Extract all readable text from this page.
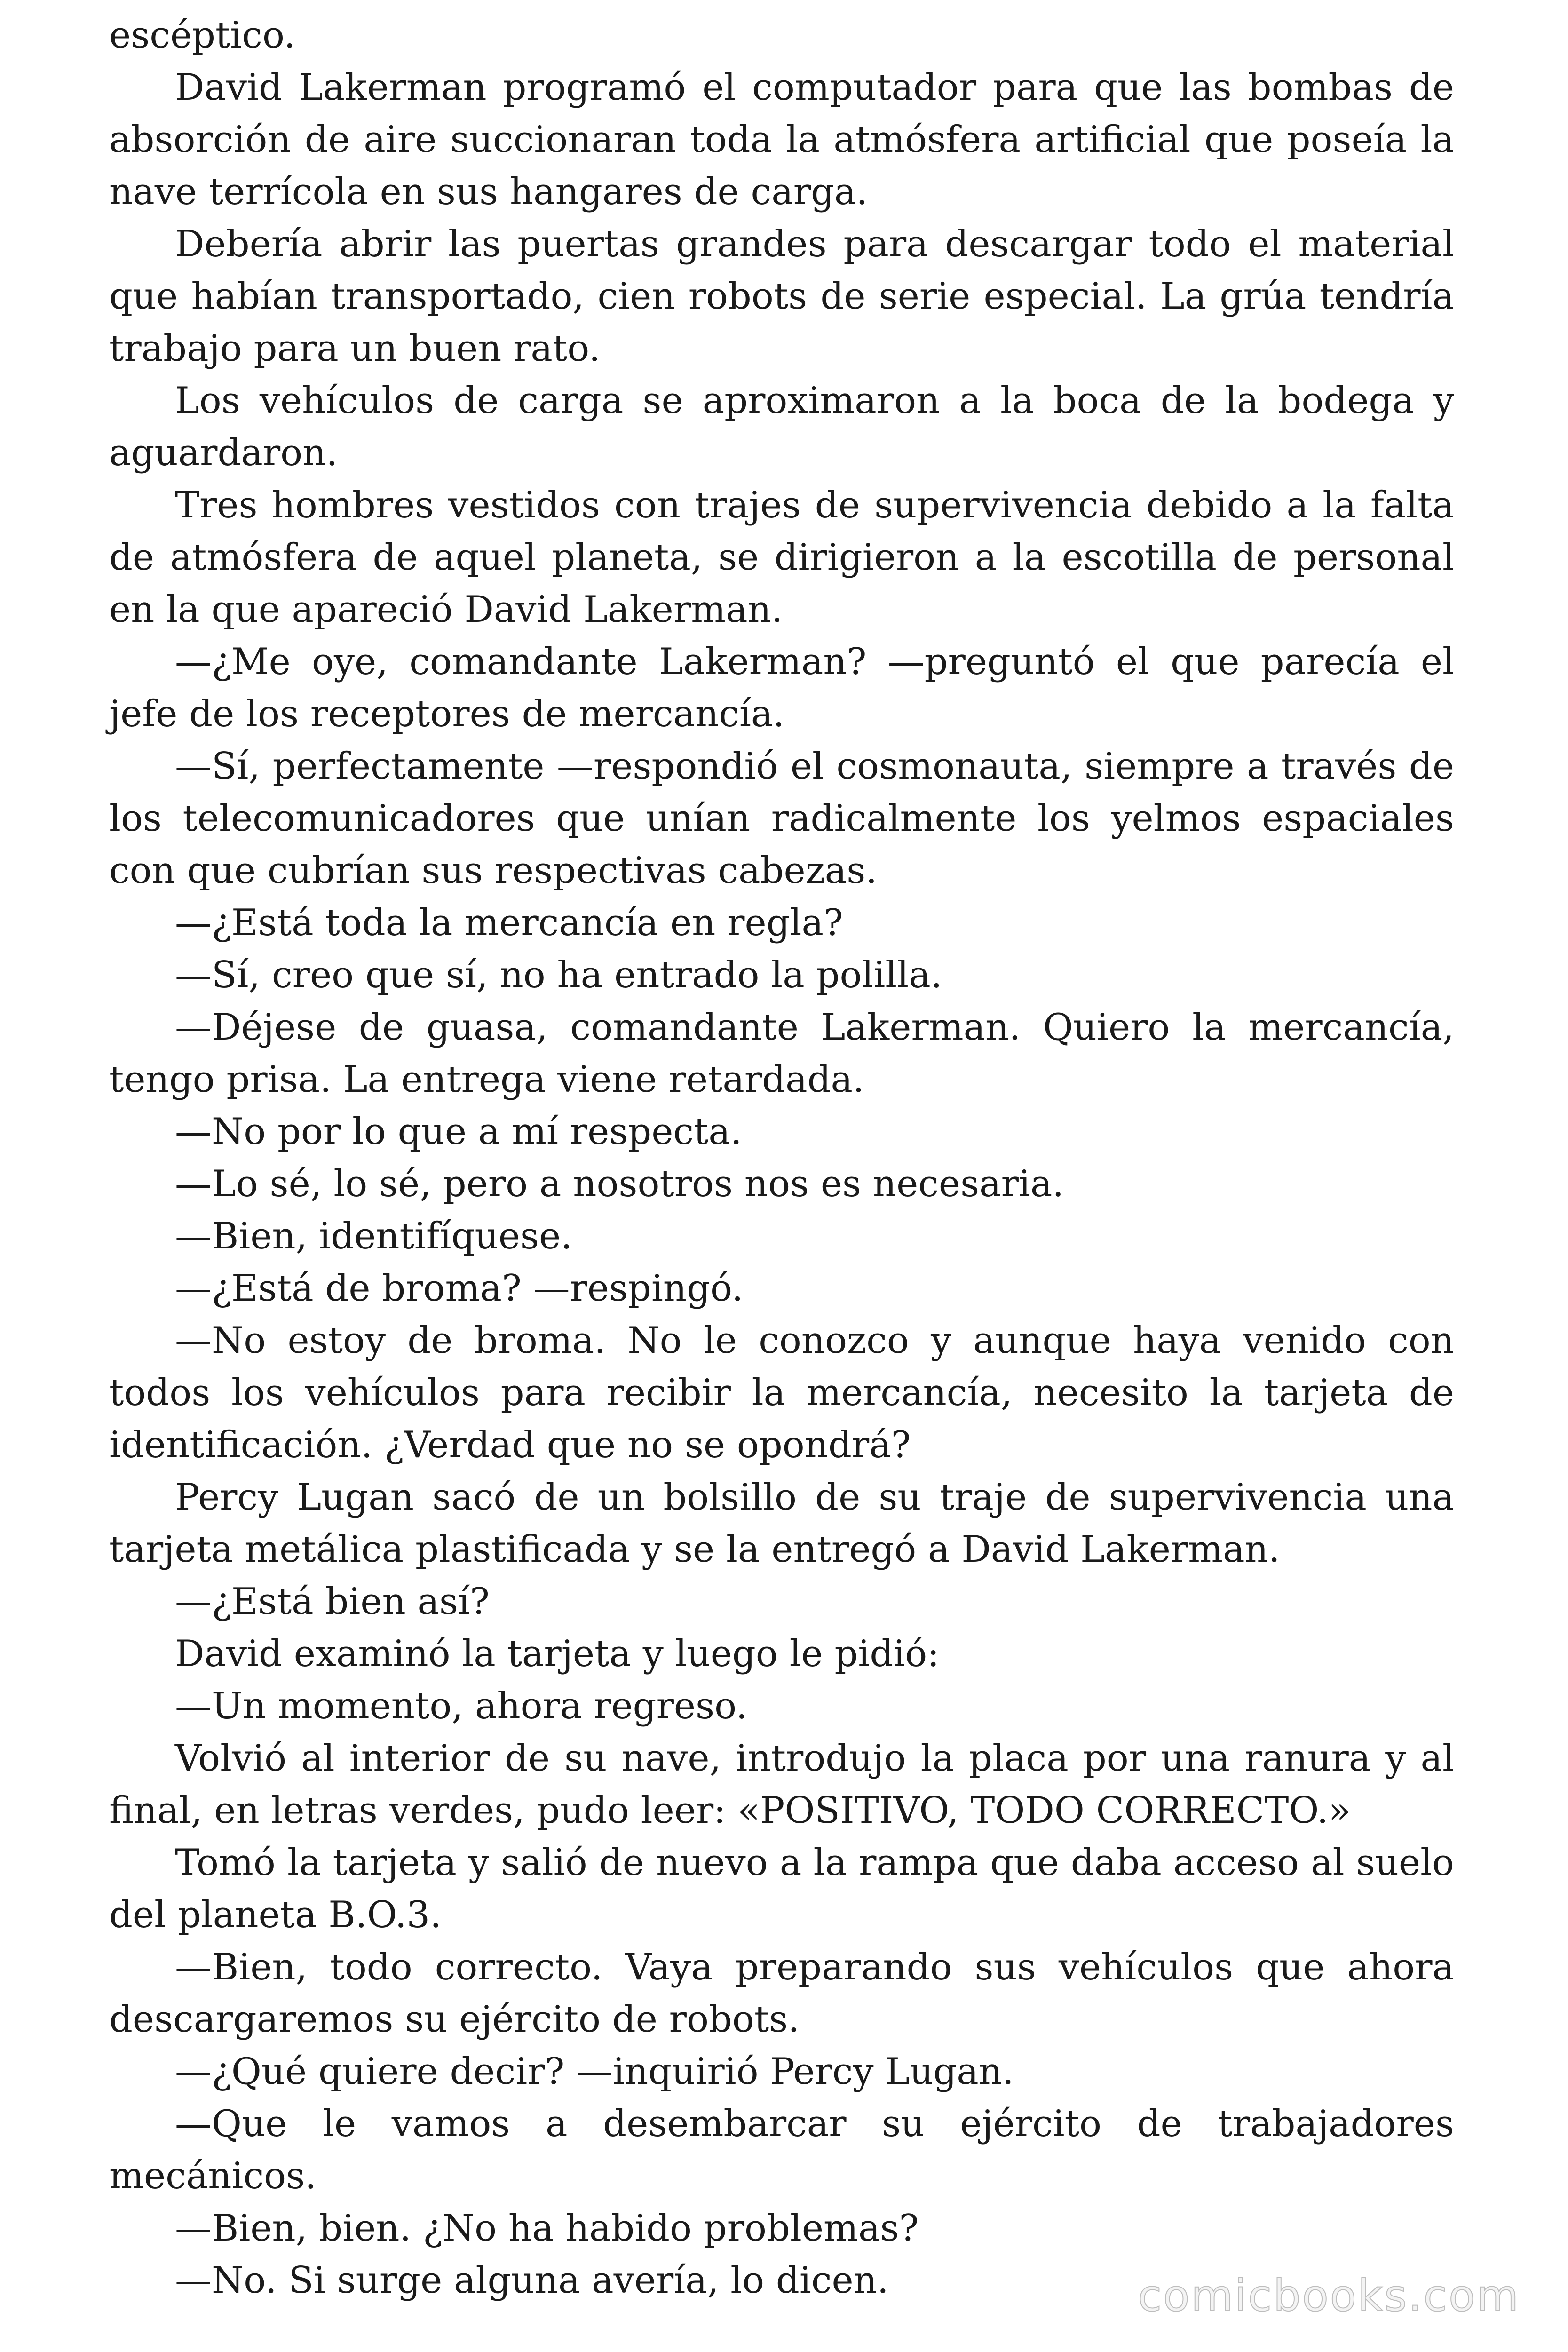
escéptico.

David Lakerman programó el computador para que las bombas de absorción de aire succionaran toda la atmósfera artificial que poseía la nave terrícola en sus hangares de carga.

Debería abrir las puertas grandes para descargar todo el material que habían transportado, cien robots de serie especial. La grúa tendría trabajo para un buen rato.

Los vehículos de carga se aproximaron a la boca de la bodega y aguardaron.

Tres hombres vestidos con trajes de supervivencia debido a la falta de atmósfera de aquel planeta, se dirigieron a la escotilla de personal en la que apareció David Lakerman.

—¿Me oye, comandante Lakerman? —preguntó el que parecía el jefe de los receptores de mercancía.

—Sí, perfectamente —respondió el cosmonauta, siempre a través de los telecomunicadores que unían radicalmente los yelmos espaciales con que cubrían sus respectivas cabezas.

—¿Está toda la mercancía en regla?

—Sí, creo que sí, no ha entrado la polilla.

—Déjese de guasa, comandante Lakerman. Quiero la mercancía, tengo prisa. La entrega viene retardada.

—No por lo que a mí respecta.

—Lo sé, lo sé, pero a nosotros nos es necesaria.

—Bien, identifíquese.

—¿Está de broma? —respingó.

—No estoy de broma. No le conozco y aunque haya venido con todos los vehículos para recibir la mercancía, necesito la tarjeta de identificación. ¿Verdad que no se opondrá?

Percy Lugan sacó de un bolsillo de su traje de supervivencia una tarjeta metálica plastificada y se la entregó a David Lakerman.

—¿Está bien así?

David examinó la tarjeta y luego le pidió:

—Un momento, ahora regreso.

Volvió al interior de su nave, introdujo la placa por una ranura y al final, en letras verdes, pudo leer: «POSITIVO, TODO CORRECTO.»

Tomó la tarjeta y salió de nuevo a la rampa que daba acceso al suelo del planeta B.O.3.

—Bien, todo correcto. Vaya preparando sus vehículos que ahora descargaremos su ejército de robots.

—¿Qué quiere decir? —inquirió Percy Lugan.

—Que le vamos a desembarcar su ejército de trabajadores mecánicos.

—Bien, bien. ¿No ha habido problemas?

—No. Si surge alguna avería, lo dicen.	comicbooks.com
